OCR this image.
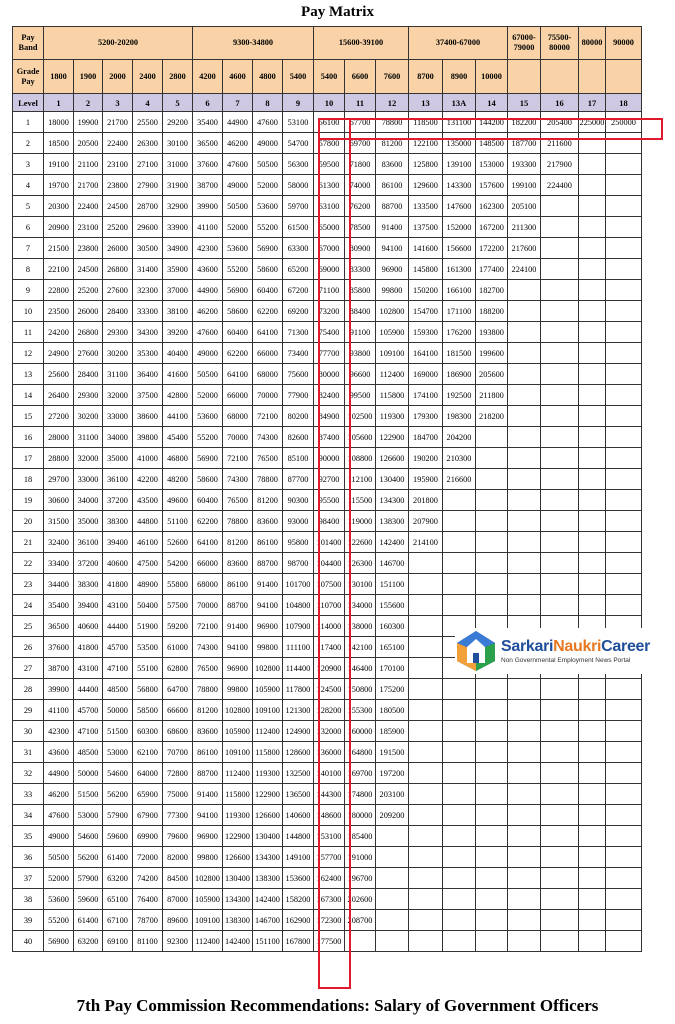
Pay Matrix
Pay Band	5200-20200					9300-34800				15600-39100			37400-67000			67000-79000	75500-80000	80000	90000
Grade Pay	1800	1900	2000	2400	2800	4200	4600	4800	5400	5400	6600	7600	8700	8900	10000				
Level	1	2	3	4	5	6	7	8	9	10	11	12	13	13A	14	15	16	17	18
1	18000	19900	21700	25500	29200	35400	44900	47600	53100	56100	67700	78800	118500	131100	144200	182200	205400	225000	250000
2	18500	20500	22400	26300	30100	36500	46200	49000	54700	57800	69700	81200	122100	135000	148500	187700	211600		
3	19100	21100	23100	27100	31000	37600	47600	50500	56300	59500	71800	83600	125800	139100	153000	193300	217900		
4	19700	21700	23800	27900	31900	38700	49000	52000	58000	61300	74000	86100	129600	143300	157600	199100	224400		
5	20300	22400	24500	28700	32900	39900	50500	53600	59700	63100	76200	88700	133500	147600	162300	205100			
6	20900	23100	25200	29600	33900	41100	52000	55200	61500	65000	78500	91400	137500	152000	167200	211300			
7	21500	23800	26000	30500	34900	42300	53600	56900	63300	67000	80900	94100	141600	156600	172200	217600			
8	22100	24500	26800	31400	35900	43600	55200	58600	65200	69000	83300	96900	145800	161300	177400	224100			
9	22800	25200	27600	32300	37000	44900	56900	60400	67200	71100	85800	99800	150200	166100	182700				
10	23500	26000	28400	33300	38100	46200	58600	62200	69200	73200	88400	102800	154700	171100	188200				
11	24200	26800	29300	34300	39200	47600	60400	64100	71300	75400	91100	105900	159300	176200	193800				
12	24900	27600	30200	35300	40400	49000	62200	66000	73400	77700	93800	109100	164100	181500	199600				
13	25600	28400	31100	36400	41600	50500	64100	68000	75600	80000	96600	112400	169000	186900	205600				
14	26400	29300	32000	37500	42800	52000	66000	70000	77900	82400	99500	115800	174100	192500	211800				
15	27200	30200	33000	38600	44100	53600	68000	72100	80200	84900	102500	119300	179300	198300	218200				
16	28000	31100	34000	39800	45400	55200	70000	74300	82600	87400	105600	122900	184700	204200					
17	28800	32000	35000	41000	46800	56900	72100	76500	85100	90000	108800	126600	190200	210300					
18	29700	33000	36100	42200	48200	58600	74300	78800	87700	92700	112100	130400	195900	216600					
19	30600	34000	37200	43500	49600	60400	76500	81200	90300	95500	115500	134300	201800						
20	31500	35000	38300	44800	51100	62200	78800	83600	93000	98400	119000	138300	207900						
21	32400	36100	39400	46100	52600	64100	81200	86100	95800	101400	122600	142400	214100						
22	33400	37200	40600	47500	54200	66000	83600	88700	98700	104400	126300	146700							
23	34400	38300	41800	48900	55800	68000	86100	91400	101700	107500	130100	151100							
24	35400	39400	43100	50400	57500	70000	88700	94100	104800	110700	134000	155600							
25	36500	40600	44400	51900	59200	72100	91400	96900	107900	114000	138000	160300							
26	37600	41800	45700	53500	61000	74300	94100	99800	111100	117400	142100	165100							
27	38700	43100	47100	55100	62800	76500	96900	102800	114400	120900	146400	170100							
28	39900	44400	48500	56800	64700	78800	99800	105900	117800	124500	150800	175200							
29	41100	45700	50000	58500	66600	81200	102800	109100	121300	128200	155300	180500							
30	42300	47100	51500	60300	68600	83600	105900	112400	124900	132000	160000	185900							
31	43600	48500	53000	62100	70700	86100	109100	115800	128600	136000	164800	191500							
32	44900	50000	54600	64000	72800	88700	112400	119300	132500	140100	169700	197200							
33	46200	51500	56200	65900	75000	91400	115800	122900	136500	144300	174800	203100							
34	47600	53000	57900	67900	77300	94100	119300	126600	140600	148600	180000	209200							
35	49000	54600	59600	69900	79600	96900	122900	130400	144800	153100	185400								
36	50500	56200	61400	72000	82000	99800	126600	134300	149100	157700	191000								
37	52000	57900	63200	74200	84500	102800	130400	138300	153600	162400	196700								
38	53600	59600	65100	76400	87000	105900	134300	142400	158200	167300	202600								
39	55200	61400	67100	78700	89600	109100	138300	146700	162900	172300	208700								
40	56900	63200	69100	81100	92300	112400	142400	151100	167800	177500									
SarkariNaukriCareer
Non Governmental Employment News Portal
7th Pay Commission Recommendations: Salary of Government Officers
